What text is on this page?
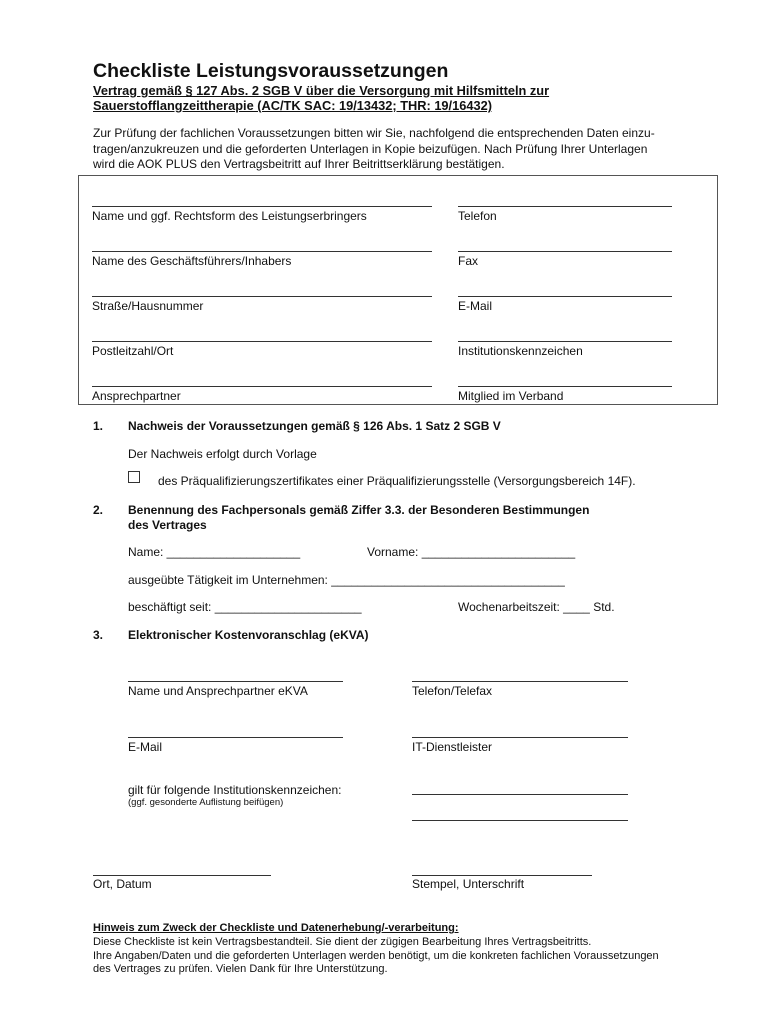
Checkliste Leistungsvoraussetzungen
Vertrag gemäß § 127 Abs. 2 SGB V über die Versorgung mit Hilfsmitteln zur
Sauerstofflangzeittherapie (AC/TK SAC: 19/13432; THR: 19/16432)
Zur Prüfung der fachlichen Voraussetzungen bitten wir Sie, nachfolgend die entsprechenden Daten einzu-
tragen/anzukreuzen und die geforderten Unterlagen in Kopie beizufügen. Nach Prüfung Ihrer Unterlagen
wird die AOK PLUS den Vertragsbeitritt auf Ihrer Beitrittserklärung bestätigen.
Name und ggf. Rechtsform des Leistungserbringers	Telefon
Name des Geschäftsführers/Inhabers	Fax
Straße/Hausnummer	E-Mail
Postleitzahl/Ort	Institutionskennzeichen
Ansprechpartner	Mitglied im Verband
1. Nachweis der Voraussetzungen gemäß § 126 Abs. 1 Satz 2 SGB V
Der Nachweis erfolgt durch Vorlage
des Präqualifizierungszertifikates einer Präqualifizierungsstelle (Versorgungsbereich 14F).
2. Benennung des Fachpersonals gemäß Ziffer 3.3. der Besonderen Bestimmungen
des Vertrages
Name: ____________________	Vorname: _______________________
ausgeübte Tätigkeit im Unternehmen: ___________________________________
beschäftigt seit: ______________________	Wochenarbeitszeit: ____ Std.
3. Elektronischer Kostenvoranschlag (eKVA)
Name und Ansprechpartner eKVA	Telefon/Telefax
E-Mail	IT-Dienstleister
gilt für folgende Institutionskennzeichen:
(ggf. gesonderte Auflistung beifügen)
Ort, Datum	Stempel, Unterschrift
Hinweis zum Zweck der Checkliste und Datenerhebung/-verarbeitung:
Diese Checkliste ist kein Vertragsbestandteil. Sie dient der zügigen Bearbeitung Ihres Vertragsbeitritts.
Ihre Angaben/Daten und die geforderten Unterlagen werden benötigt, um die konkreten fachlichen Voraussetzungen
des Vertrages zu prüfen. Vielen Dank für Ihre Unterstützung.
